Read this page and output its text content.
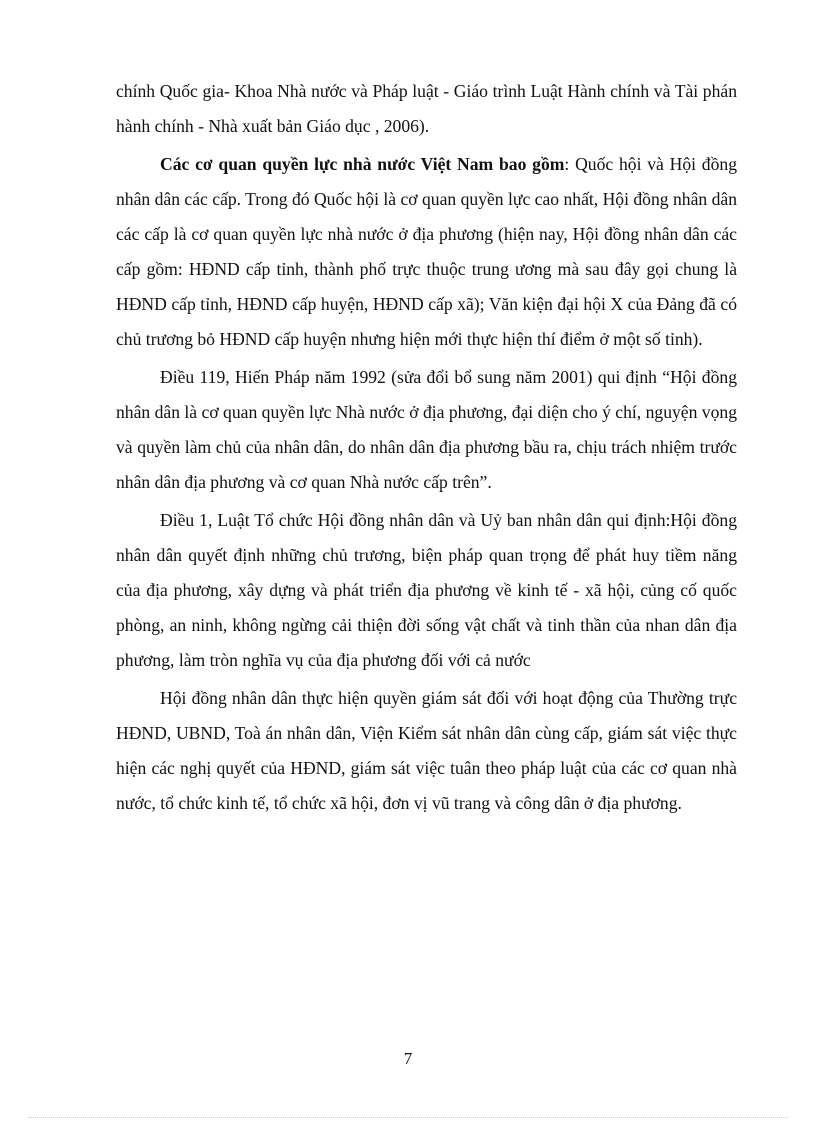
chính Quốc gia- Khoa Nhà nước và Pháp luật - Giáo trình Luật Hành chính và Tài phán hành chính - Nhà xuất bản Giáo dục , 2006).

Các cơ quan quyền lực nhà nước Việt Nam bao gồm: Quốc hội và Hội đồng nhân dân các cấp. Trong đó Quốc hội là cơ quan quyền lực cao nhất, Hội đồng nhân dân các cấp là cơ quan quyền lực nhà nước ở địa phương (hiện nay, Hội đồng nhân dân các cấp gồm: HĐND cấp tỉnh, thành phố trực thuộc trung ương mà sau đây gọi chung là HĐND cấp tỉnh, HĐND cấp huyện, HĐND cấp xã); Văn kiện đại hội X của Đảng đã có chủ trương bỏ HĐND cấp huyện nhưng hiện mới thực hiện thí điểm ở một số tỉnh).

Điều 119, Hiến Pháp năm 1992 (sửa đổi bổ sung năm 2001) qui định “Hội đồng nhân dân là cơ quan quyền lực Nhà nước ở địa phương, đại diện cho ý chí, nguyện vọng và quyền làm chủ của nhân dân, do nhân dân địa phương bầu ra, chịu trách nhiệm trước nhân dân địa phương và cơ quan Nhà nước cấp trên”.

Điều 1, Luật Tổ chức Hội đồng nhân dân và Uỷ ban nhân dân qui định:Hội đồng nhân dân quyết định những chủ trương, biện pháp quan trọng để phát huy tiềm năng của địa phương, xây dựng và phát triển địa phương về kinh tế - xã hội, củng cố quốc phòng, an ninh, không ngừng cải thiện đời sống vật chất và tinh thần của nhan dân địa phương, làm tròn nghĩa vụ của địa phương đối với cả nước

Hội đồng nhân dân thực hiện quyền giám sát đối với hoạt động của Thường trực HĐND, UBND, Toà án nhân dân, Viện Kiểm sát nhân dân cùng cấp, giám sát việc thực hiện các nghị quyết của HĐND, giám sát việc tuân theo pháp luật của các cơ quan nhà nước, tổ chức kinh tế, tổ chức xã hội, đơn vị vũ trang và công dân ở địa phương.

7
